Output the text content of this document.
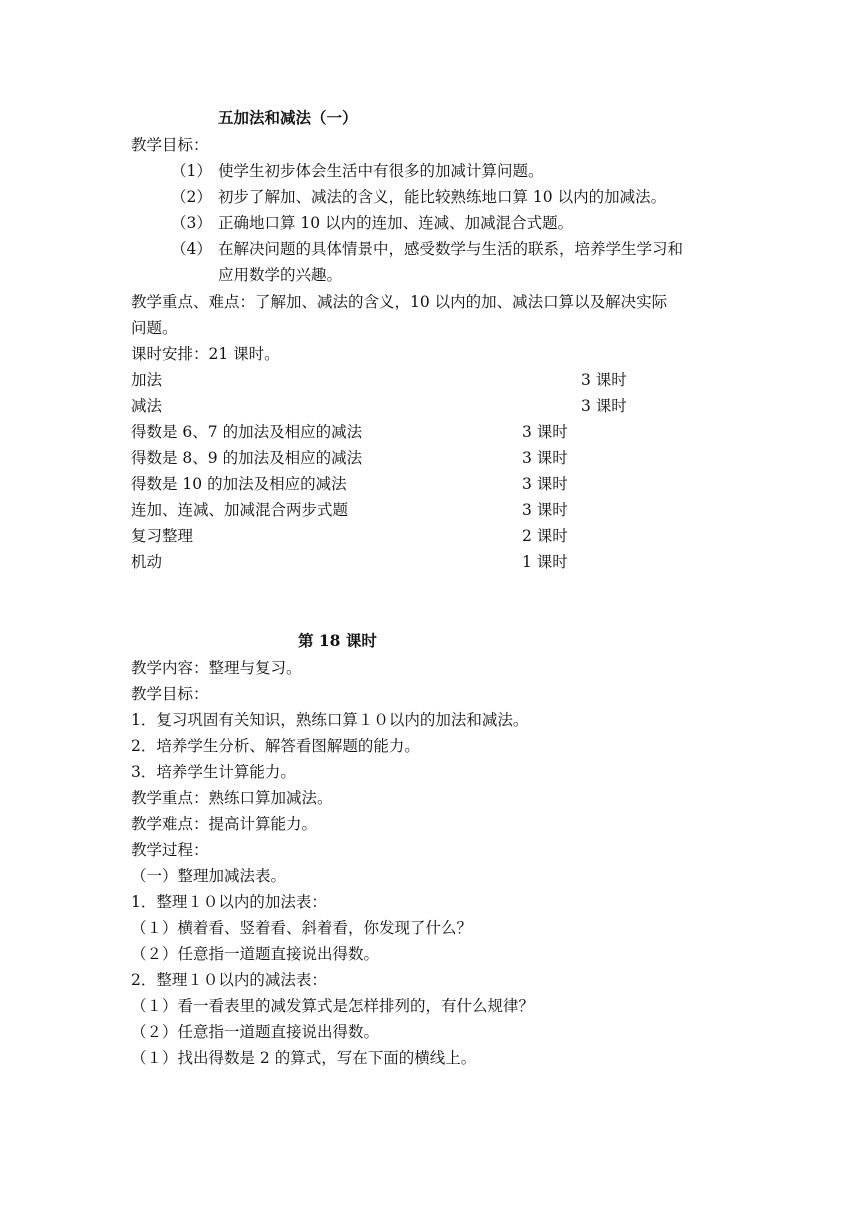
五加法和减法（一）
教学目标：
（1） 使学生初步体会生活中有很多的加减计算问题。
（2） 初步了解加、减法的含义，能比较熟练地口算 10 以内的加减法。
（3） 正确地口算 10 以内的连加、连减、加减混合式题。
（4） 在解决问题的具体情景中，感受数学与生活的联系，培养学生学习和
应用数学的兴趣。
教学重点、难点：了解加、减法的含义，10 以内的加、减法口算以及解决实际
问题。
课时安排：21 课时。
加法	3 课时
减法	3 课时
得数是 6、7 的加法及相应的减法	3 课时
得数是 8、9 的加法及相应的减法	3 课时
得数是 10 的加法及相应的减法	3 课时
连加、连减、加减混合两步式题	3 课时
复习整理	2 课时
机动	1 课时
第 18 课时
教学内容：整理与复习。
教学目标：
1．复习巩固有关知识，熟练口算１０以内的加法和减法。
2．培养学生分析、解答看图解题的能力。
3．培养学生计算能力。
教学重点：熟练口算加减法。
教学难点：提高计算能力。
教学过程：
（一）整理加减法表。
1．整理１０以内的加法表：
（１）横着看、竖着看、斜着看，你发现了什么？
（２）任意指一道题直接说出得数。
2．整理１０以内的减法表：
（１）看一看表里的减发算式是怎样排列的，有什么规律？
（２）任意指一道题直接说出得数。
（１）找出得数是 2 的算式，写在下面的横线上。
